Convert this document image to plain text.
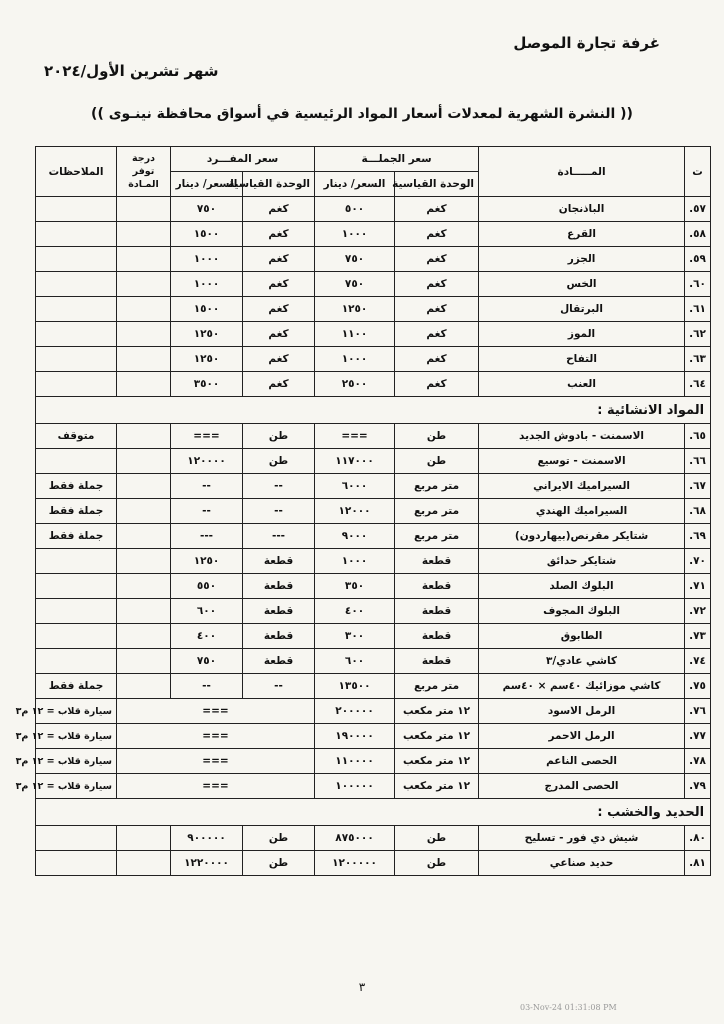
غرفة تجارة الموصل
شهر تشرين الأول/٢٠٢٤
(( النشرة الشهرية لمعدلات أسعار المواد الرئيسية في أسواق محافظة نينـوى ))
ت	المـــــادة	سعر الجملـــة		سعر المفـــرد		درجة توفر المـادة	الملاحظات
		الوحدة القياسية	السعر/ دينار	الوحدة القياسية	السعر/ دينار		
.٥٧	الباذنجان	كغم	٥٠٠	كغم	٧٥٠		
.٥٨	القرع	كغم	١٠٠٠	كغم	١٥٠٠		
.٥٩	الجزر	كغم	٧٥٠	كغم	١٠٠٠		
.٦٠	الخس	كغم	٧٥٠	كغم	١٠٠٠		
.٦١	البرتقال	كغم	١٢٥٠	كغم	١٥٠٠		
.٦٢	الموز	كغم	١١٠٠	كغم	١٢٥٠		
.٦٣	التفاح	كغم	١٠٠٠	كغم	١٢٥٠		
.٦٤	العنب	كغم	٢٥٠٠	كغم	٣٥٠٠		
المواد الانشائية :							
.٦٥	الاسمنت - بادوش الجديد	طن	===	طن	===		متوقف
.٦٦	الاسمنت - توسيع	طن	١١٧٠٠٠	طن	١٢٠٠٠٠		
.٦٧	السيراميك الايراني	متر مربع	٦٠٠٠	--	--		جملة فقط
.٦٨	السيراميك الهندي	متر مربع	١٢٠٠٠	--	--		جملة فقط
.٦٩	شتايكر مقرنص(بيهاردون)	متر مربع	٩٠٠٠	---	---		جملة فقط
.٧٠	شتايكر حدائق	قطعة	١٠٠٠	قطعة	١٢٥٠		
.٧١	البلوك الصلد	قطعة	٣٥٠	قطعة	٥٥٠		
.٧٢	البلوك المجوف	قطعة	٤٠٠	قطعة	٦٠٠		
.٧٣	الطابوق	قطعة	٣٠٠	قطعة	٤٠٠		
.٧٤	كاشي عادي/٣	قطعة	٦٠٠	قطعة	٧٥٠		
.٧٥	كاشي موزائيك ٤٠سم × ٤٠سم	متر مربع	١٣٥٠٠	--	--		جملة فقط
.٧٦	الرمل الاسود	١٢ متر مكعب	٢٠٠٠٠٠	===			سيارة قلاب = ١٢ م٣
.٧٧	الرمل الاحمر	١٢ متر مكعب	١٩٠٠٠٠	===			سيارة قلاب = ١٢ م٣
.٧٨	الحصى الناعم	١٢ متر مكعب	١١٠٠٠٠	===			سيارة قلاب = ١٢ م٣
.٧٩	الحصى المدرج	١٢ متر مكعب	١٠٠٠٠٠	===			سيارة قلاب = ١٢ م٣
الحديد والخشب :							
.٨٠	شيش دي فور - تسليح	طن	٨٧٥٠٠٠	طن	٩٠٠٠٠٠		
.٨١	حديد صناعي	طن	١٢٠٠٠٠٠	طن	١٢٢٠٠٠٠		
٣
03-Nov-24 01:31:08 PM
